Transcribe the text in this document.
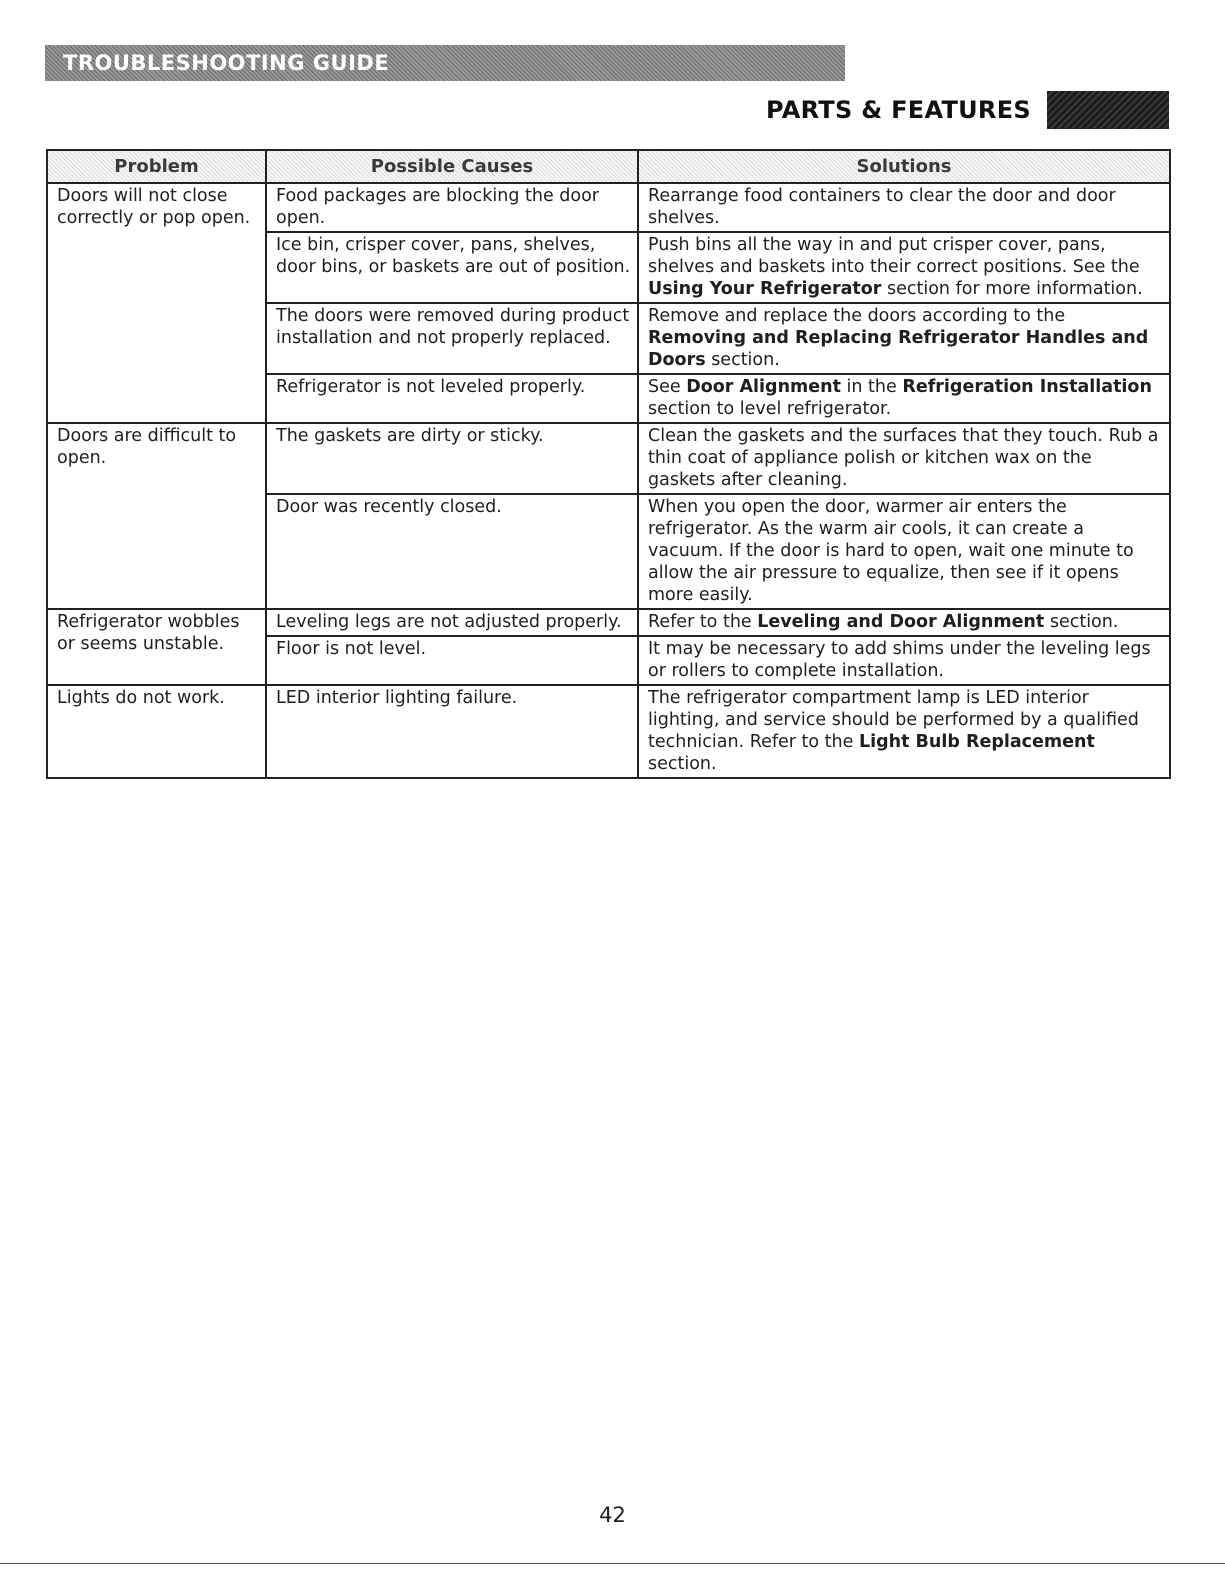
TROUBLESHOOTING GUIDE
PARTS & FEATURES
Problem	Possible Causes	Solutions
Doors will not close correctly or pop open.	Food packages are blocking the door open.	Rearrange food containers to clear the door and door shelves.
	Ice bin, crisper cover, pans, shelves, door bins, or baskets are out of position.	Push bins all the way in and put crisper cover, pans, shelves and baskets into their correct positions. See the Using Your Refrigerator section for more information.
	The doors were removed during product installation and not properly replaced.	Remove and replace the doors according to the Removing and Replacing Refrigerator Handles and Doors section.
	Refrigerator is not leveled properly.	See Door Alignment in the Refrigeration Installation section to level refrigerator.
Doors are difficult to open.	The gaskets are dirty or sticky.	Clean the gaskets and the surfaces that they touch. Rub a thin coat of appliance polish or kitchen wax on the gaskets after cleaning.
	Door was recently closed.	When you open the door, warmer air enters the refrigerator. As the warm air cools, it can create a vacuum. If the door is hard to open, wait one minute to allow the air pressure to equalize, then see if it opens more easily.
Refrigerator wobbles or seems unstable.	Leveling legs are not adjusted properly.	Refer to the Leveling and Door Alignment section.
	Floor is not level.	It may be necessary to add shims under the leveling legs or rollers to complete installation.
Lights do not work.	LED interior lighting failure.	The refrigerator compartment lamp is LED interior lighting, and service should be performed by a qualified technician. Refer to the Light Bulb Replacement section.
42
